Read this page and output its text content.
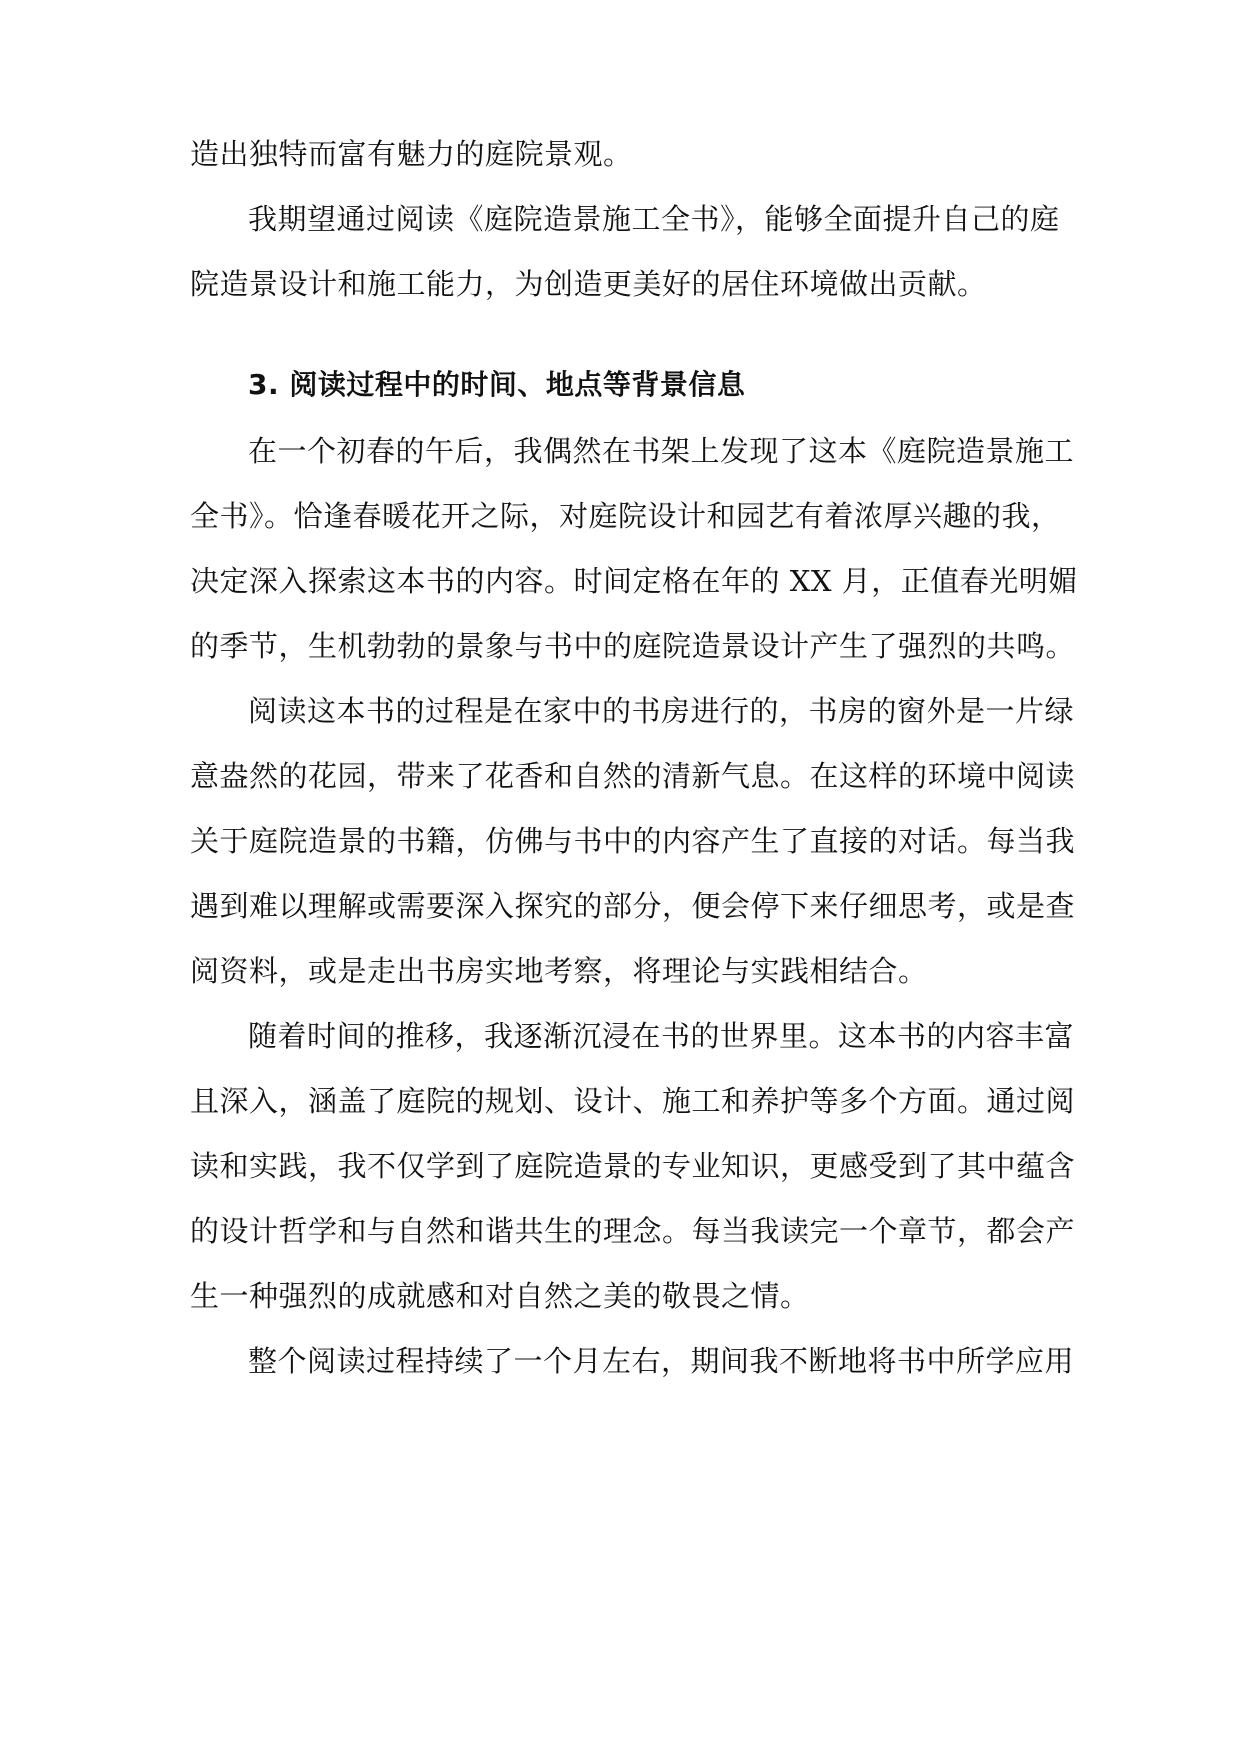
造出独特而富有魅力的庭院景观。
我期望通过阅读《庭院造景施工全书》，能够全面提升自己的庭
院造景设计和施工能力，为创造更美好的居住环境做出贡献。
3. 阅读过程中的时间、地点等背景信息
在一个初春的午后，我偶然在书架上发现了这本《庭院造景施工
全书》。恰逢春暖花开之际，对庭院设计和园艺有着浓厚兴趣的我，
决定深入探索这本书的内容。时间定格在年的 XX 月，正值春光明媚
的季节，生机勃勃的景象与书中的庭院造景设计产生了强烈的共鸣。
阅读这本书的过程是在家中的书房进行的，书房的窗外是一片绿
意盎然的花园，带来了花香和自然的清新气息。在这样的环境中阅读
关于庭院造景的书籍，仿佛与书中的内容产生了直接的对话。每当我
遇到难以理解或需要深入探究的部分，便会停下来仔细思考，或是查
阅资料，或是走出书房实地考察，将理论与实践相结合。
随着时间的推移，我逐渐沉浸在书的世界里。这本书的内容丰富
且深入，涵盖了庭院的规划、设计、施工和养护等多个方面。通过阅
读和实践，我不仅学到了庭院造景的专业知识，更感受到了其中蕴含
的设计哲学和与自然和谐共生的理念。每当我读完一个章节，都会产
生一种强烈的成就感和对自然之美的敬畏之情。
整个阅读过程持续了一个月左右，期间我不断地将书中所学应用
